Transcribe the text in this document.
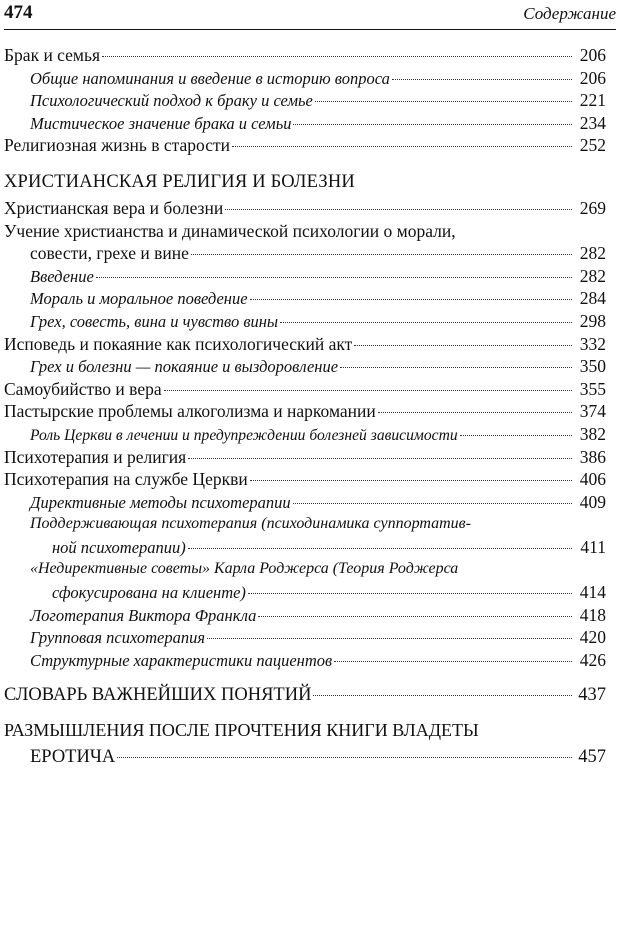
474	Содержание
Брак и семья	206
Общие напоминания и введение в историю вопроса	206
Психологический подход к браку и семье	221
Мистическое значение брака и семьи	234
Религиозная жизнь в старости	252
ХРИСТИАНСКАЯ РЕЛИГИЯ И БОЛЕЗНИ
Христианская вера и болезни	269
Учение христианства и динамической психологии о морали,
совести, грехе и вине	282
Введение	282
Мораль и моральное поведение	284
Грех, совесть, вина и чувство вины	298
Исповедь и покаяние как психологический акт	332
Грех и болезни — покаяние и выздоровление	350
Самоубийство и вера	355
Пастырские проблемы алкоголизма и наркомании	374
Роль Церкви в лечении и предупреждении болезней зависимости	382
Психотерапия и религия	386
Психотерапия на службе Церкви	406
Директивные методы психотерапии	409
Поддерживающая психотерапия (психодинамика суппортатив-
ной психотерапии)	411
«Недирективные советы» Карла Роджерса (Теория Роджерса
сфокусирована на клиенте)	414
Логотерапия Виктора Франкла	418
Групповая психотерапия	420
Структурные характеристики пациентов	426
СЛОВАРЬ ВАЖНЕЙШИХ ПОНЯТИЙ	437
РАЗМЫШЛЕНИЯ ПОСЛЕ ПРОЧТЕНИЯ КНИГИ ВЛАДЕТЫ
ЕРОТИЧА	457
